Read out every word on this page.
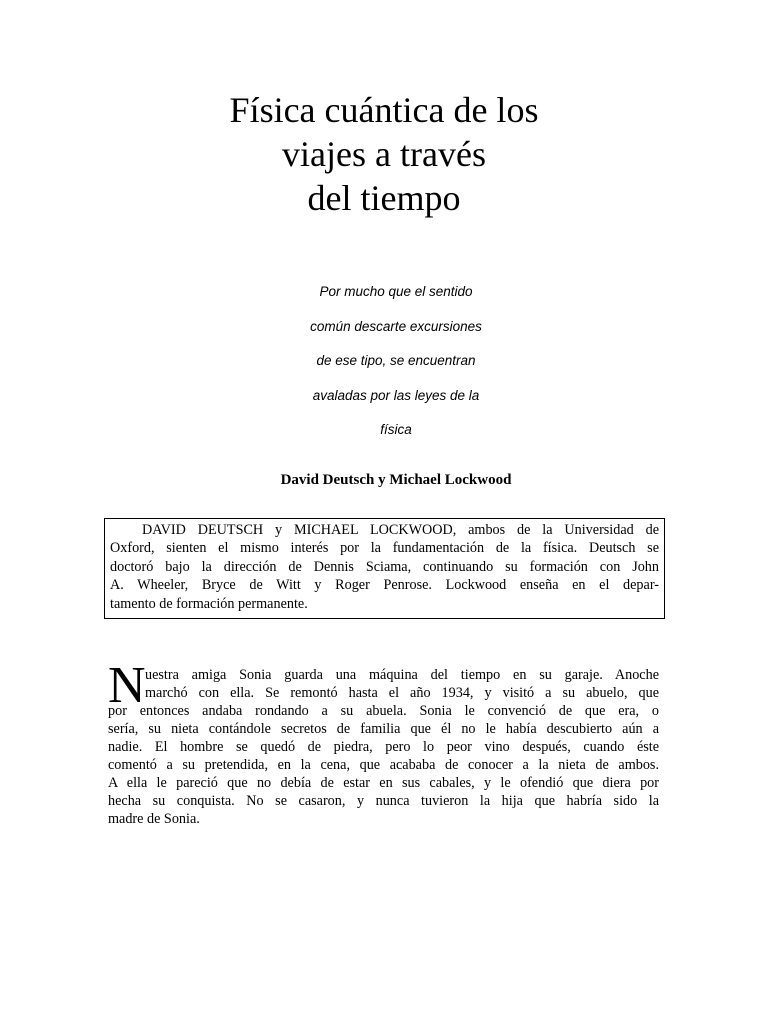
Física cuántica de los
viajes a través
del tiempo
Por mucho que el sentido
común descarte excursiones
de ese tipo, se encuentran
avaladas por las leyes de la
física
David Deutsch y Michael Lockwood
DAVID DEUTSCH y MICHAEL LOCKWOOD, ambos de la Universidad de
Oxford, sienten el mismo interés por la fundamentación de la física. Deutsch se
doctoró bajo la dirección de Dennis Sciama, continuando su formación con John
A. Wheeler, Bryce de Witt y Roger Penrose. Lockwood enseña en el depar-
tamento de formación permanente.
N uestra amiga Sonia guarda una máquina del tiempo en su garaje. Anoche
marchó con ella. Se remontó hasta el año 1934, y visitó a su abuelo, que
por entonces andaba rondando a su abuela. Sonia le convenció de que era, o
sería, su nieta contándole secretos de familia que él no le había descubierto aún a
nadie. El hombre se quedó de piedra, pero lo peor vino después, cuando éste
comentó a su pretendida, en la cena, que acababa de conocer a la nieta de ambos.
A ella le pareció que no debía de estar en sus cabales, y le ofendió que diera por
hecha su conquista. No se casaron, y nunca tuvieron la hija que habría sido la
madre de Sonia.
